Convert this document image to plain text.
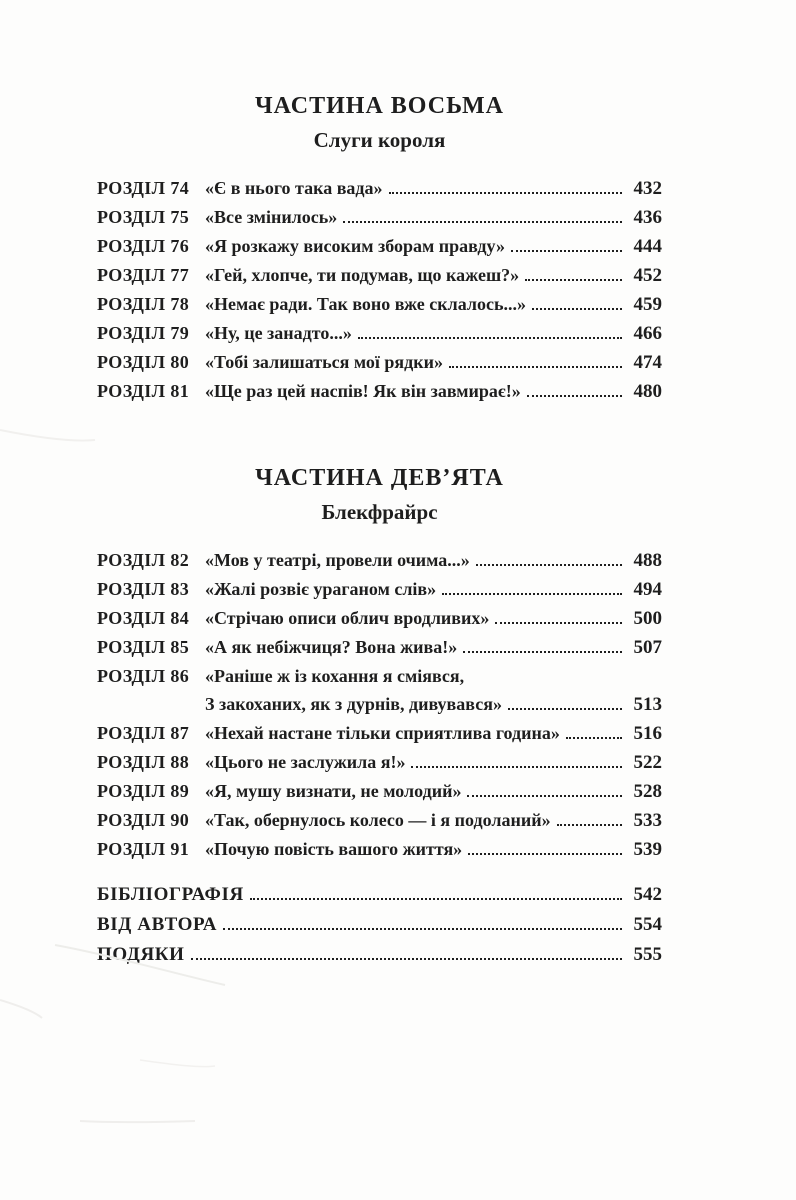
ЧАСТИНА ВОСЬМА
Слуги короля
РОЗДІЛ 74 «Є в нього така вада»	432
РОЗДІЛ 75 «Все змінилось»	436
РОЗДІЛ 76 «Я розкажу високим зборам правду»	444
РОЗДІЛ 77 «Гей, хлопче, ти подумав, що кажеш?»	452
РОЗДІЛ 78 «Немає ради. Так воно вже склалось...»	459
РОЗДІЛ 79 «Ну, це занадто...»	466
РОЗДІЛ 80 «Тобі залишаться мої рядки»	474
РОЗДІЛ 81 «Ще раз цей наспів! Як він завмирає!»	480
ЧАСТИНА ДЕВ’ЯТА
Блекфрайрс
РОЗДІЛ 82 «Мов у театрі, провели очима...»	488
РОЗДІЛ 83 «Жалі розвіє ураганом слів»	494
РОЗДІЛ 84 «Стрічаю описи облич вродливих»	500
РОЗДІЛ 85 «А як небіжчиця? Вона жива!»	507
РОЗДІЛ 86 «Раніше ж із кохання я сміявся,
З закоханих, як з дурнів, дивувався»	513
РОЗДІЛ 87 «Нехай настане тільки сприятлива година»	516
РОЗДІЛ 88 «Цього не заслужила я!»	522
РОЗДІЛ 89 «Я, мушу визнати, не молодий»	528
РОЗДІЛ 90 «Так, обернулось колесо — і я подоланий»	533
РОЗДІЛ 91 «Почую повість вашого життя»	539
БІБЛІОГРАФІЯ	542
ВІД АВТОРА	554
ПОДЯКИ	555
